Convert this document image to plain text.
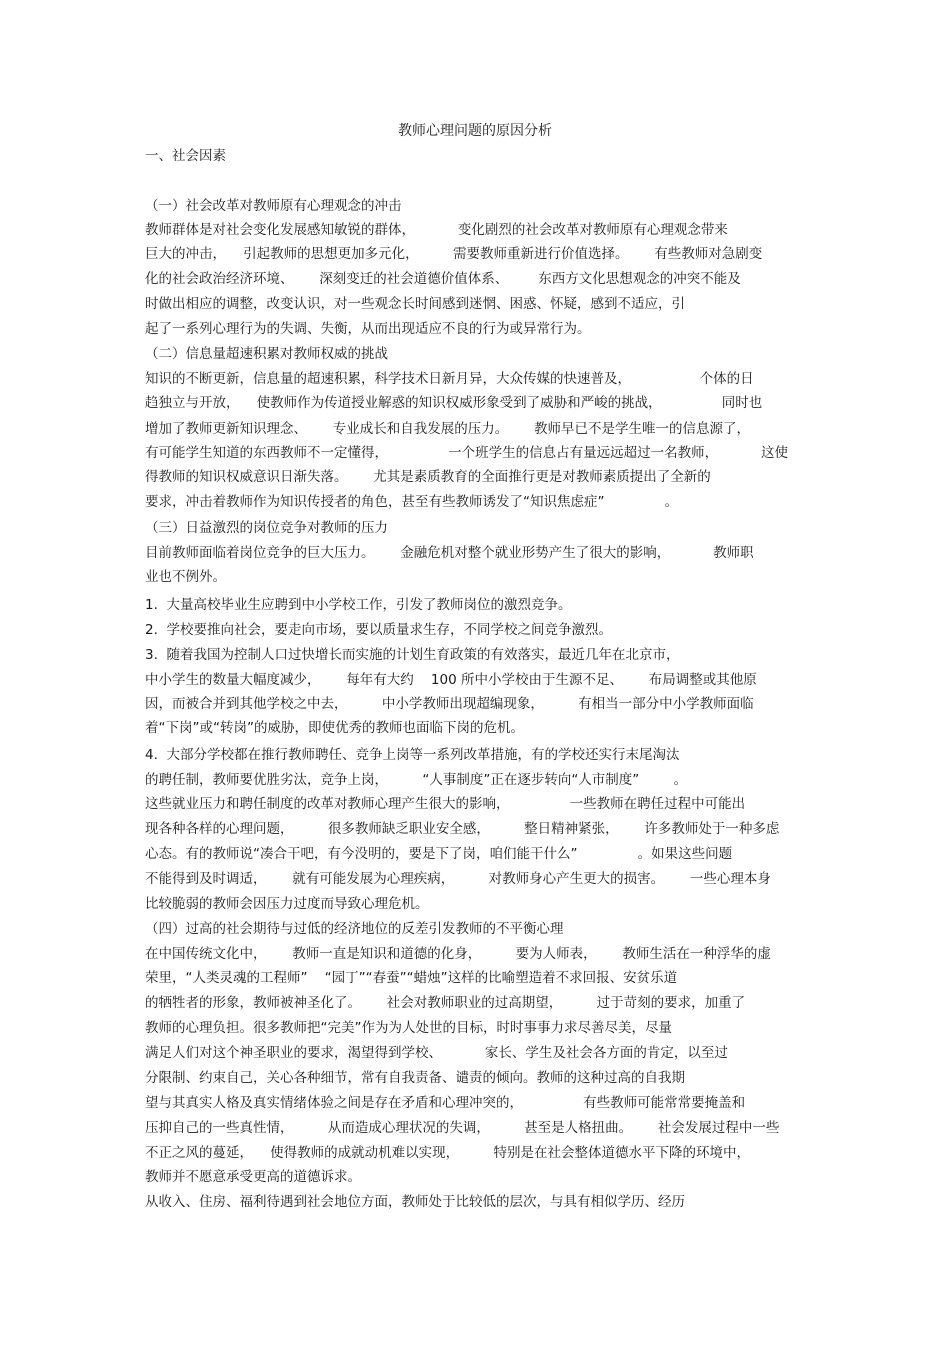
教师心理问题的原因分析
一、社会因素
（一）社会改革对教师原有心理观念的冲击
教师群体是对社会变化发展感知敏锐的群体，          变化剧烈的社会改革对教师原有心理观念带来
巨大的冲击，    引起教师的思想更加多元化，        需要教师重新进行价值选择。      有些教师对急剧变
化的社会政治经济环境、      深刻变迁的社会道德价值体系、       东西方文化思想观念的冲突不能及
时做出相应的调整，改变认识，对一些观念长时间感到迷惘、困惑、怀疑，感到不适应，引
起了一系列心理行为的失调、失衡，从而出现适应不良的行为或异常行为。
（二）信息量超速积累对教师权威的挑战
知识的不断更新，信息量的超速积累，科学技术日新月异，大众传媒的快速普及，                个体的日
趋独立与开放，    使教师作为传道授业解惑的知识权威形象受到了威胁和严峻的挑战，              同时也
增加了教师更新知识理念、      专业成长和自我发展的压力。      教师早已不是学生唯一的信息源了，
有可能学生知道的东西教师不一定懂得，              一个班学生的信息占有量远远超过一名教师，          这使
得教师的知识权威意识日渐失落。      尤其是素质教育的全面推行更是对教师素质提出了全新的
要求，冲击着教师作为知识传授者的角色，甚至有些教师诱发了“知识焦虑症”              。
（三）日益激烈的岗位竞争对教师的压力
目前教师面临着岗位竞争的巨大压力。      金融危机对整个就业形势产生了很大的影响，          教师职
业也不例外。
1.  大量高校毕业生应聘到中小学校工作，引发了教师岗位的激烈竞争。
2.  学校要推向社会，要走向市场，要以质量求生存，不同学校之间竞争激烈。
3.  随着我国为控制人口过快增长而实施的计划生育政策的有效落实，最近几年在北京市，
中小学生的数量大幅度减少，      每年有大约    100 所中小学校由于生源不足、      布局调整或其他原
因，而被合并到其他学校之中去，        中小学教师出现超编现象，        有相当一部分中小学教师面临
着“下岗”或“转岗”的威胁，即使优秀的教师也面临下岗的危机。
4.  大部分学校都在推行教师聘任、竞争上岗等一系列改革措施，有的学校还实行末尾淘汰
的聘任制，教师要优胜劣汰，竞争上岗，        “人事制度”正在逐步转向“人市制度”        。
这些就业压力和聘任制度的改革对教师心理产生很大的影响，              一些教师在聘任过程中可能出
现各种各样的心理问题，        很多教师缺乏职业安全感，        整日精神紧张，      许多教师处于一种多虑
心态。有的教师说“凑合干吧，有今没明的，要是下了岗，咱们能干什么”              。如果这些问题
不能得到及时调适，      就有可能发展为心理疾病，        对教师身心产生更大的损害。      一些心理本身
比较脆弱的教师会因压力过度而导致心理危机。
（四）过高的社会期待与过低的经济地位的反差引发教师的不平衡心理
在中国传统文化中，      教师一直是知识和道德的化身，        要为人师表，      教师生活在一种浮华的虚
荣里，“人类灵魂的工程师”    “园丁”“春蚕”“蜡烛”这样的比喻塑造着不求回报、安贫乐道
的牺牲者的形象，教师被神圣化了。      社会对教师职业的过高期望，        过于苛刻的要求，加重了
教师的心理负担。很多教师把“完美”作为为人处世的目标，时时事事力求尽善尽美，尽量
满足人们对这个神圣职业的要求，渴望得到学校、          家长、学生及社会各方面的肯定，以至过
分限制、约束自己，关心各种细节，常有自我责备、谴责的倾向。教师的这种过高的自我期
望与其真实人格及真实情绪体验之间是存在矛盾和心理冲突的，              有些教师可能常常要掩盖和
压抑自己的一些真性情，        从而造成心理状况的失调，        甚至是人格扭曲。      社会发展过程中一些
不正之风的蔓延，    使得教师的成就动机难以实现，        特别是在社会整体道德水平下降的环境中，
教师并不愿意承受更高的道德诉求。
从收入、住房、福利待遇到社会地位方面，教师处于比较低的层次，与具有相似学历、经历
